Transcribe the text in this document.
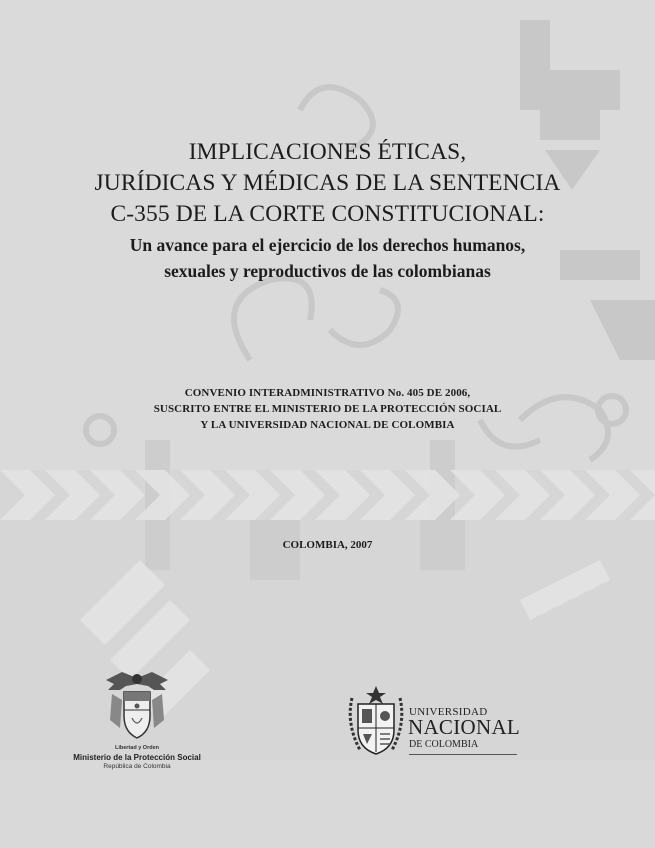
IMPLICACIONES ÉTICAS,
JURÍDICAS Y MÉDICAS DE LA SENTENCIA
C-355 DE LA CORTE CONSTITUCIONAL:
Un avance para el ejercicio de los derechos humanos,
sexuales y reproductivos de las colombianas
CONVENIO INTERADMINISTRATIVO No. 405 DE 2006,
SUSCRITO ENTRE EL MINISTERIO DE LA PROTECCIÓN SOCIAL
Y LA UNIVERSIDAD NACIONAL DE COLOMBIA
COLOMBIA, 2007
Libertad y Orden
Ministerio de la Protección Social
República de Colombia
UNIVERSIDAD
NACIONAL
DE COLOMBIA
